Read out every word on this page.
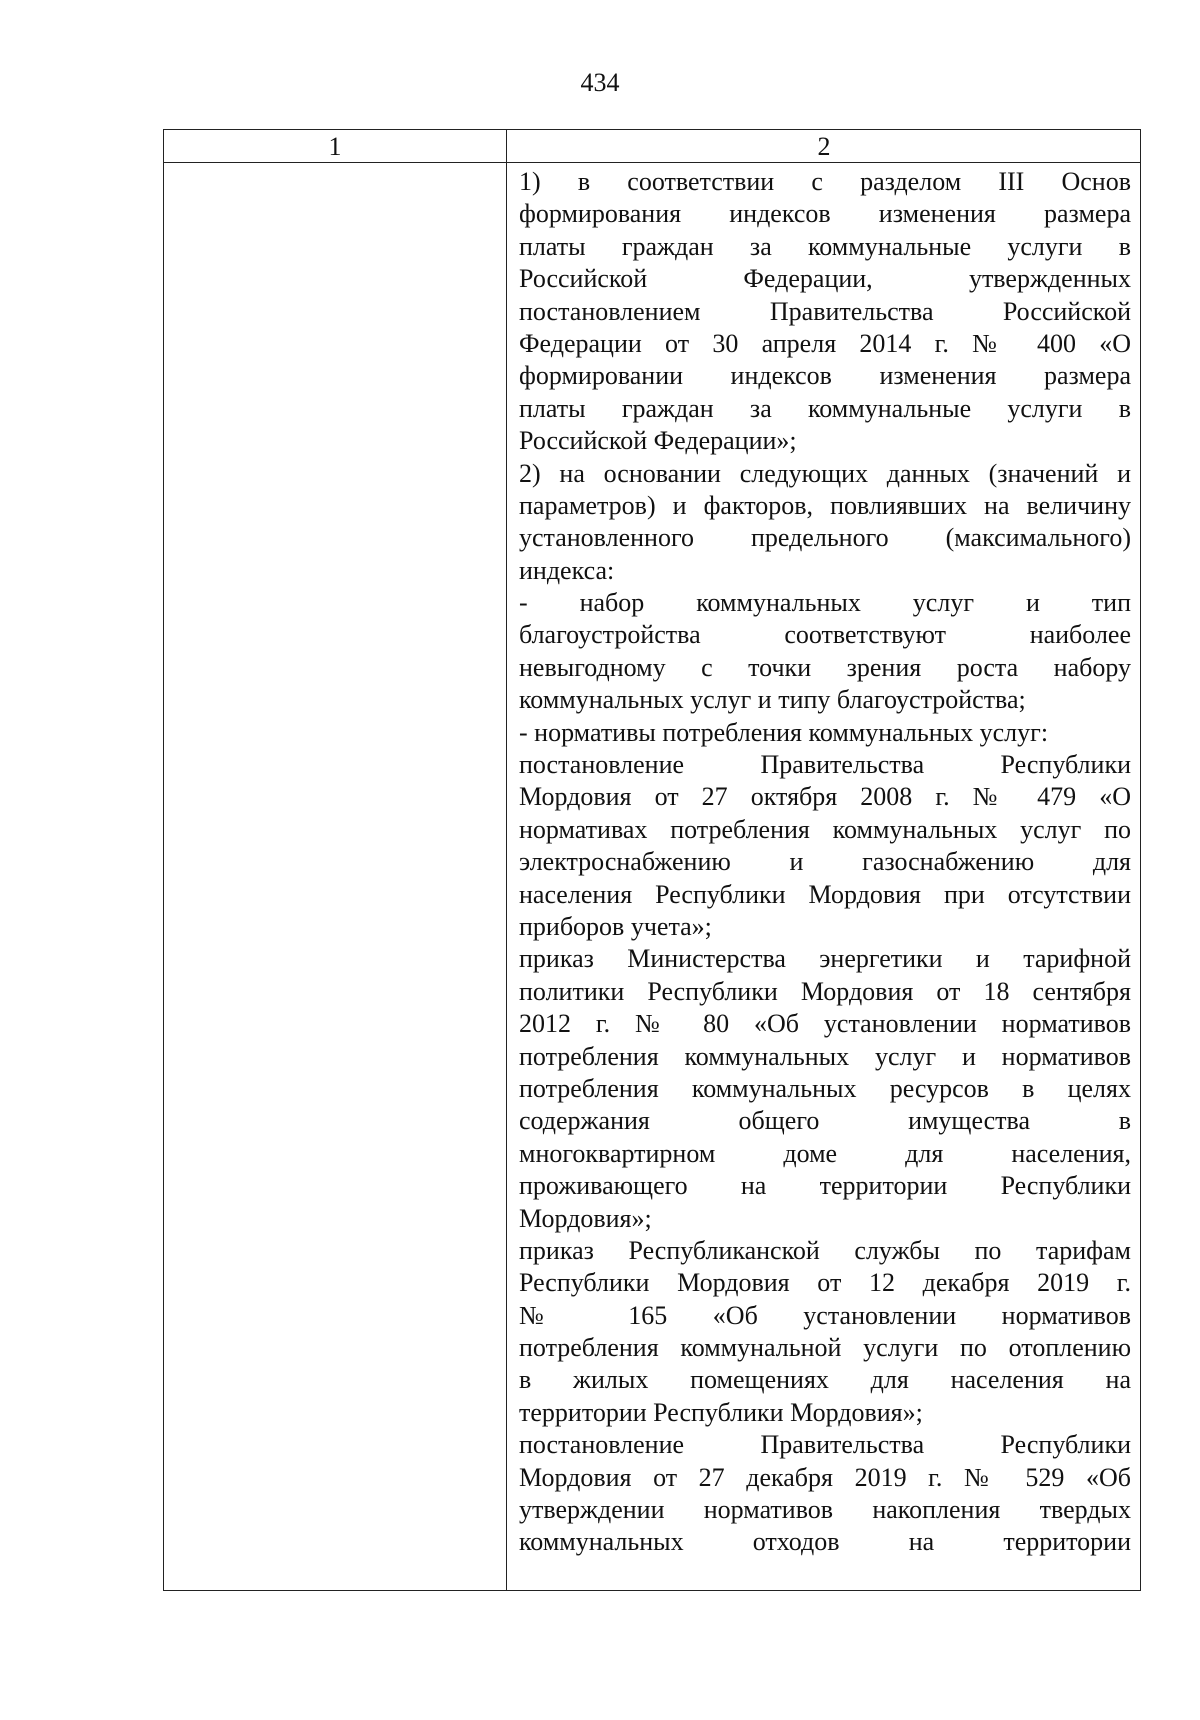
434
1	2
1) в соответствии с разделом III Основ
формирования индексов изменения размера
платы граждан за коммунальные услуги в
Российской Федерации, утвержденных
постановлением Правительства Российской
Федерации от 30 апреля 2014 г. № 400 «О
формировании индексов изменения размера
платы граждан за коммунальные услуги в
Российской Федерации»;
2) на основании следующих данных (значений и
параметров) и факторов, повлиявших на величину
установленного предельного (максимального)
индекса:
- набор коммунальных услуг и тип
благоустройства соответствуют наиболее
невыгодному с точки зрения роста набору
коммунальных услуг и типу благоустройства;
- нормативы потребления коммунальных услуг:
постановление Правительства Республики
Мордовия от 27 октября 2008 г. № 479 «О
нормативах потребления коммунальных услуг по
электроснабжению и газоснабжению для
населения Республики Мордовия при отсутствии
приборов учета»;
приказ Министерства энергетики и тарифной
политики Республики Мордовия от 18 сентября
2012 г. № 80 «Об установлении нормативов
потребления коммунальных услуг и нормативов
потребления коммунальных ресурсов в целях
содержания общего имущества в
многоквартирном доме для населения,
проживающего на территории Республики
Мордовия»;
приказ Республиканской службы по тарифам
Республики Мордовия от 12 декабря 2019 г.
№ 165 «Об установлении нормативов
потребления коммунальной услуги по отоплению
в жилых помещениях для населения на
территории Республики Мордовия»;
постановление Правительства Республики
Мордовия от 27 декабря 2019 г. № 529 «Об
утверждении нормативов накопления твердых
коммунальных отходов на территории
